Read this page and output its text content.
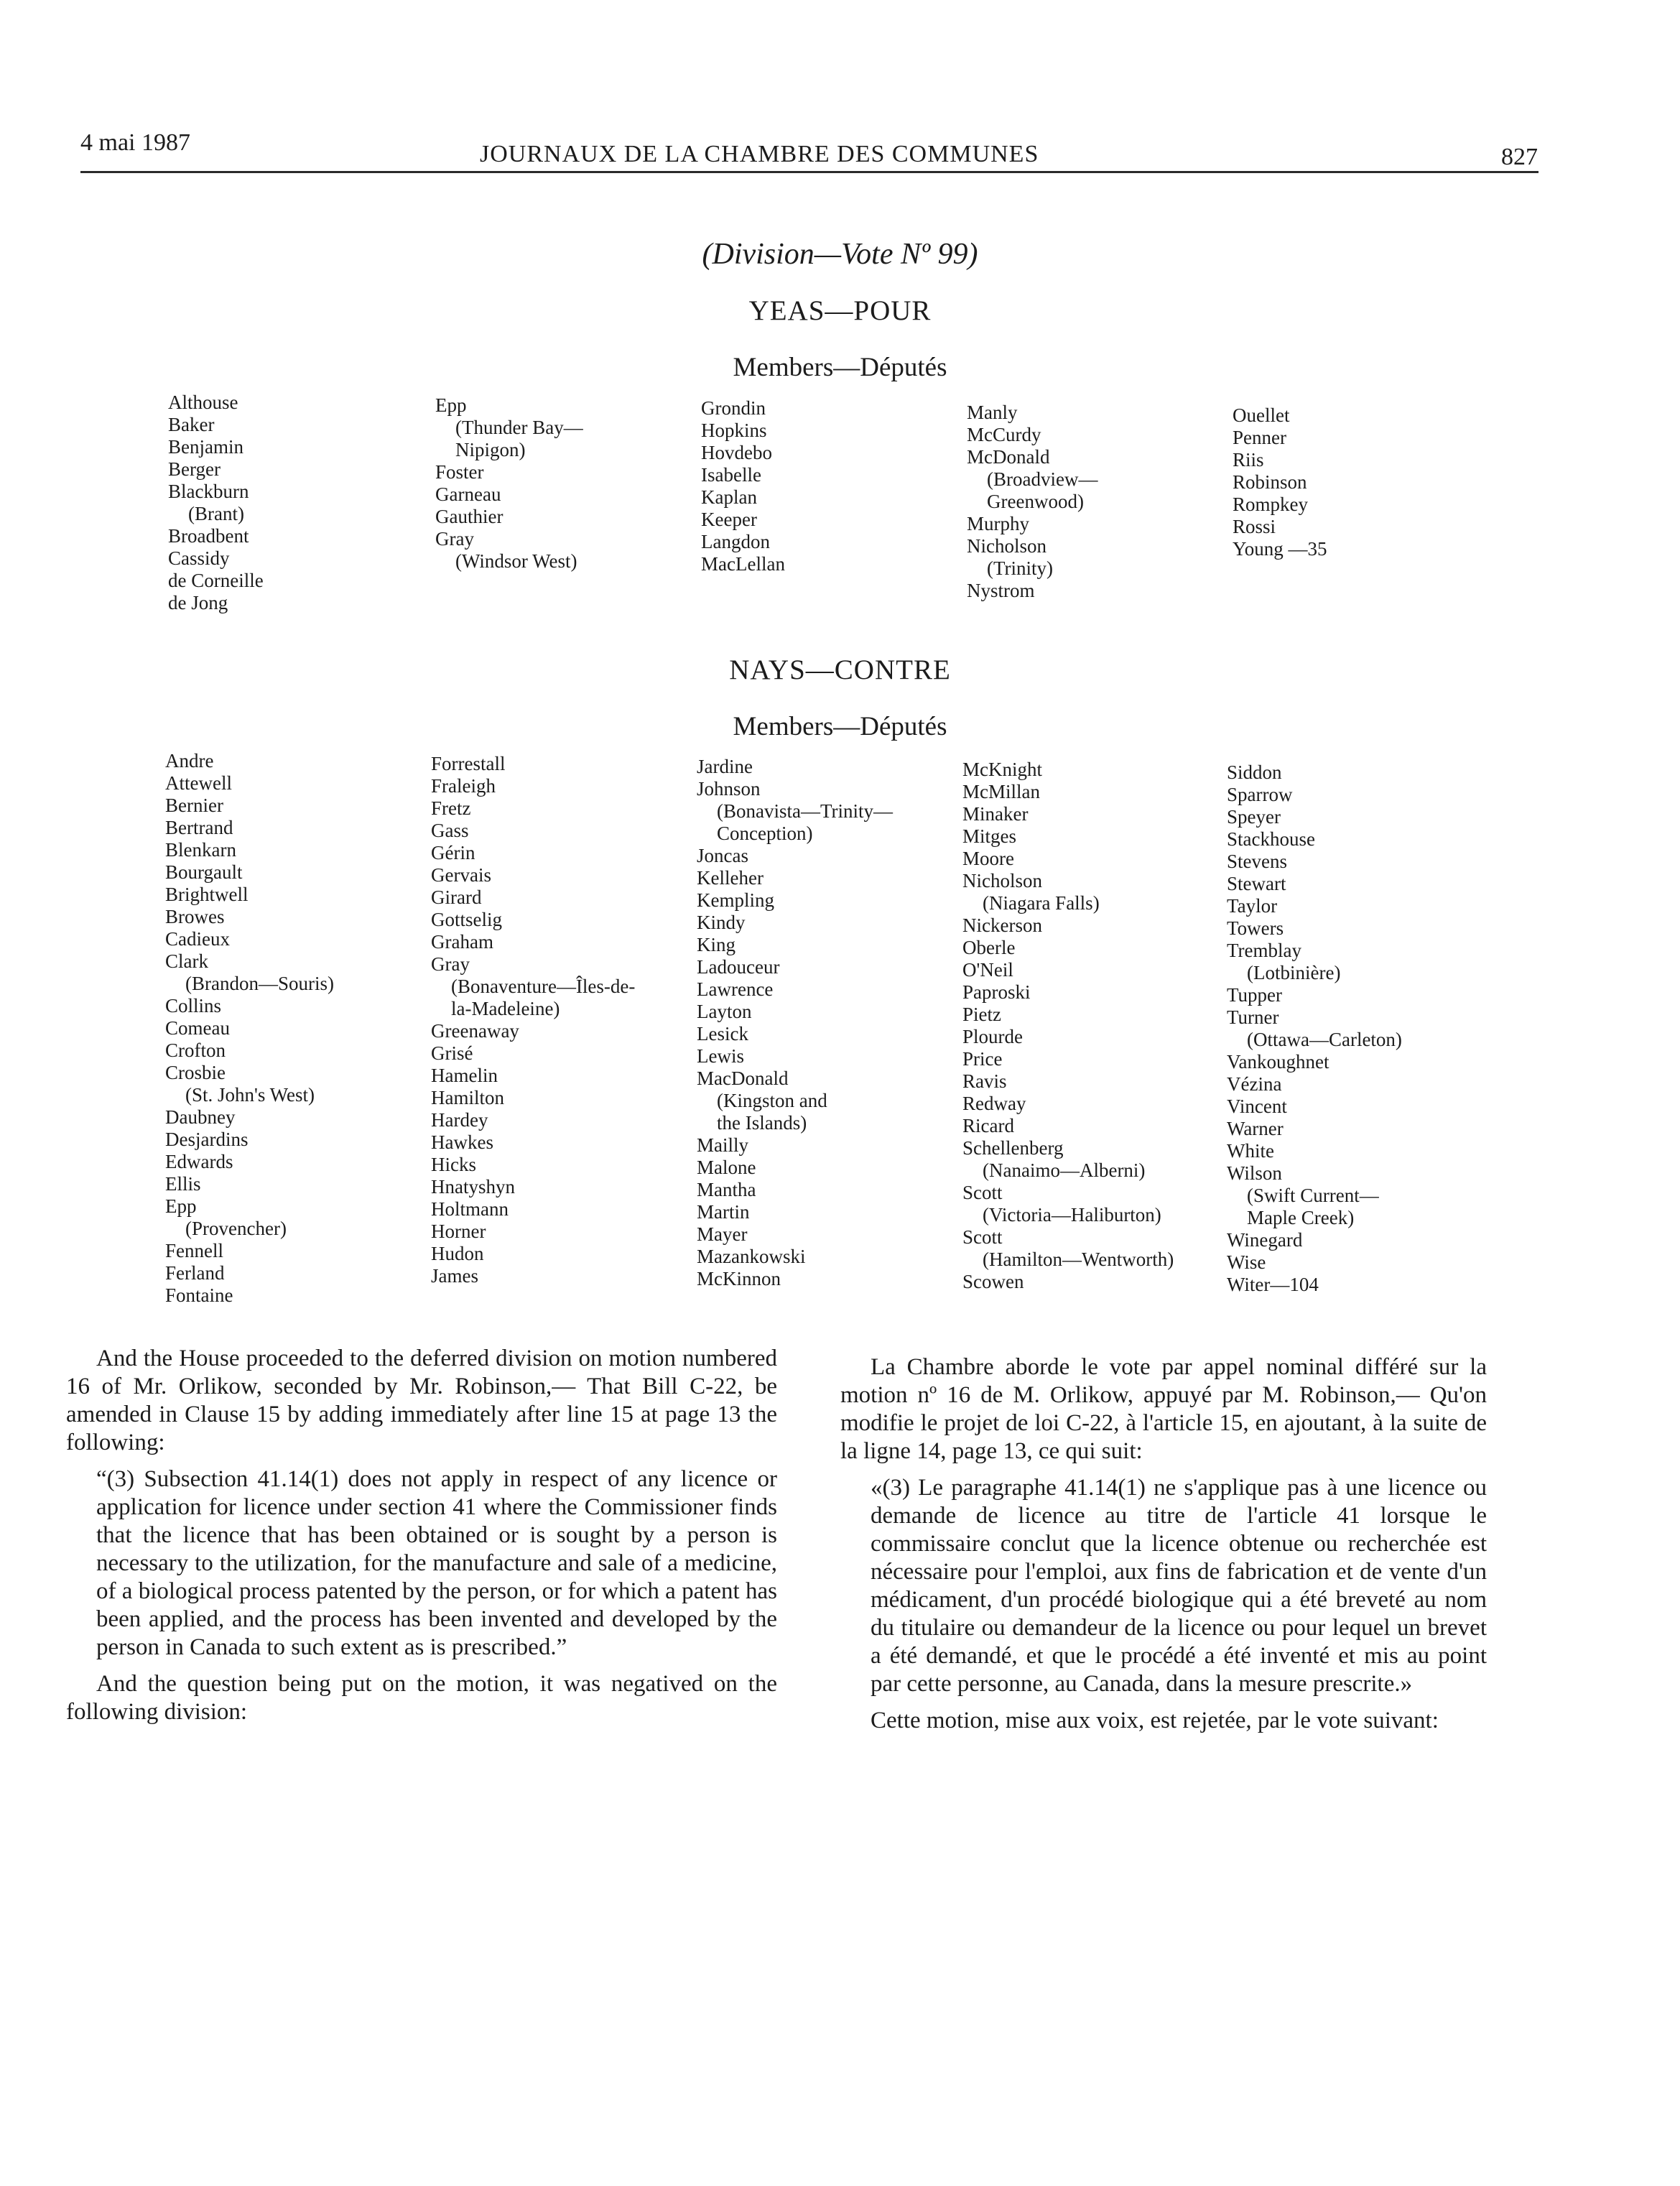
4 mai 1987	JOURNAUX DE LA CHAMBRE DES COMMUNES	827
(Division—Vote Nº 99)
YEAS—POUR
Members—Députés
Althouse
Baker
Benjamin
Berger
Blackburn
(Brant)
Broadbent
Cassidy
de Corneille
de Jong
Epp
(Thunder Bay—
Nipigon)
Foster
Garneau
Gauthier
Gray
(Windsor West)
Grondin
Hopkins
Hovdebo
Isabelle
Kaplan
Keeper
Langdon
MacLellan
Manly
McCurdy
McDonald
(Broadview—
Greenwood)
Murphy
Nicholson
(Trinity)
Nystrom
Ouellet
Penner
Riis
Robinson
Rompkey
Rossi
Young —35
NAYS—CONTRE
Members—Députés
Andre
Attewell
Bernier
Bertrand
Blenkarn
Bourgault
Brightwell
Browes
Cadieux
Clark
(Brandon—Souris)
Collins
Comeau
Crofton
Crosbie
(St. John's West)
Daubney
Desjardins
Edwards
Ellis
Epp
(Provencher)
Fennell
Ferland
Fontaine
Forrestall
Fraleigh
Fretz
Gass
Gérin
Gervais
Girard
Gottselig
Graham
Gray
(Bonaventure—Îles-de-
la-Madeleine)
Greenaway
Grisé
Hamelin
Hamilton
Hardey
Hawkes
Hicks
Hnatyshyn
Holtmann
Horner
Hudon
James
Jardine
Johnson
(Bonavista—Trinity—
Conception)
Joncas
Kelleher
Kempling
Kindy
King
Ladouceur
Lawrence
Layton
Lesick
Lewis
MacDonald
(Kingston and
the Islands)
Mailly
Malone
Mantha
Martin
Mayer
Mazankowski
McKinnon
McKnight
McMillan
Minaker
Mitges
Moore
Nicholson
(Niagara Falls)
Nickerson
Oberle
O'Neil
Paproski
Pietz
Plourde
Price
Ravis
Redway
Ricard
Schellenberg
(Nanaimo—Alberni)
Scott
(Victoria—Haliburton)
Scott
(Hamilton—Wentworth)
Scowen
Siddon
Sparrow
Speyer
Stackhouse
Stevens
Stewart
Taylor
Towers
Tremblay
(Lotbinière)
Tupper
Turner
(Ottawa—Carleton)
Vankoughnet
Vézina
Vincent
Warner
White
Wilson
(Swift Current—
Maple Creek)
Winegard
Wise
Witer—104

And the House proceeded to the deferred division on motion numbered 16 of Mr. Orlikow, seconded by Mr. Robinson,— That Bill C-22, be amended in Clause 15 by adding immediately after line 15 at page 13 the following:

“(3) Subsection 41.14(1) does not apply in respect of any licence or application for licence under section 41 where the Commissioner finds that the licence that has been obtained or is sought by a person is necessary to the utilization, for the manufacture and sale of a medicine, of a biological process patented by the person, or for which a patent has been applied, and the process has been invented and developed by the person in Canada to such extent as is prescribed.”

And the question being put on the motion, it was negatived on the following division:

La Chambre aborde le vote par appel nominal différé sur la motion nº 16 de M. Orlikow, appuyé par M. Robinson,— Qu'on modifie le projet de loi C-22, à l'article 15, en ajoutant, à la suite de la ligne 14, page 13, ce qui suit:

«(3) Le paragraphe 41.14(1) ne s'applique pas à une licence ou demande de licence au titre de l'article 41 lorsque le commissaire conclut que la licence obtenue ou recherchée est nécessaire pour l'emploi, aux fins de fabrication et de vente d'un médicament, d'un procédé biologique qui a été breveté au nom du titulaire ou demandeur de la licence ou pour lequel un brevet a été demandé, et que le procédé a été inventé et mis au point par cette personne, au Canada, dans la mesure prescrite.»

Cette motion, mise aux voix, est rejetée, par le vote suivant:
